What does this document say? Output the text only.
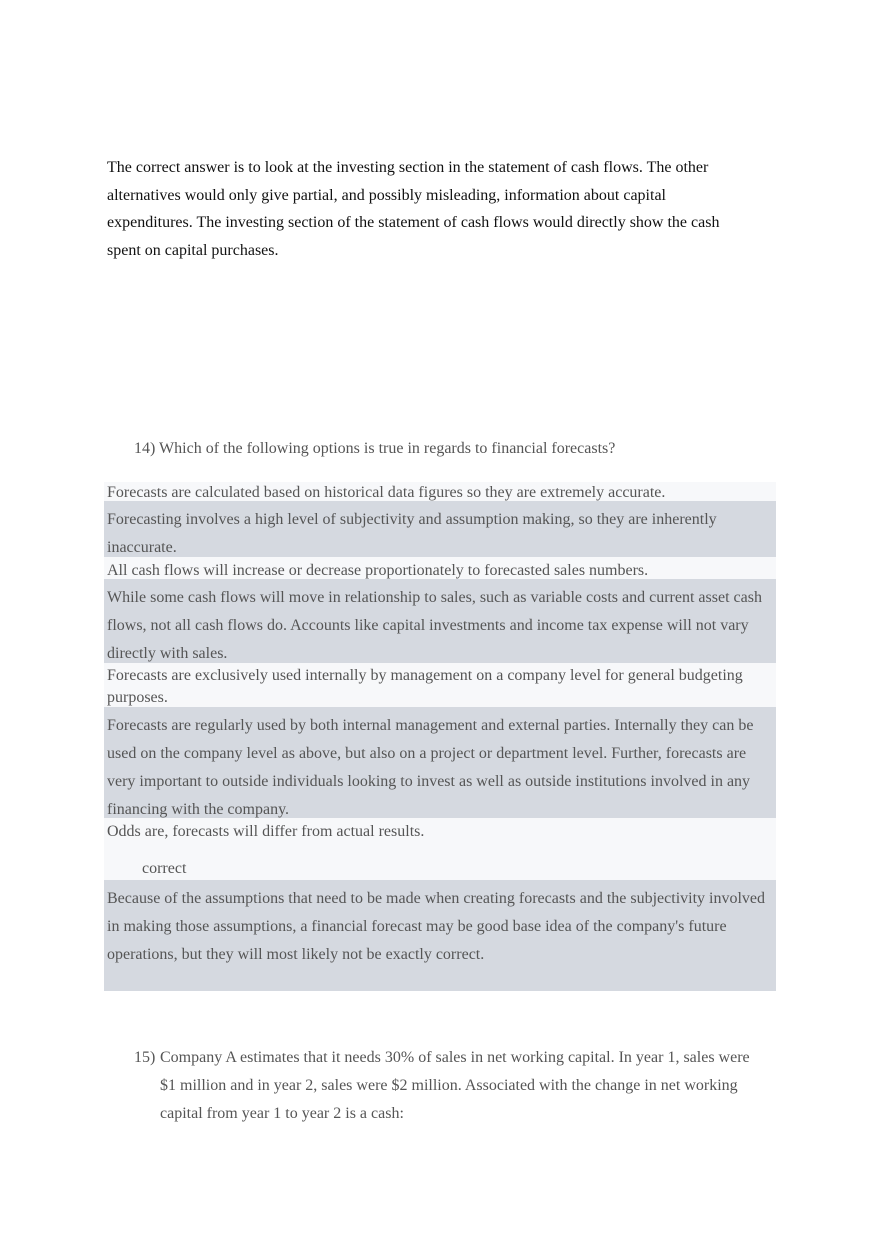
The correct answer is to look at the investing section in the statement of cash flows. The other alternatives would only give partial, and possibly misleading, information about capital expenditures. The investing section of the statement of cash flows would directly show the cash spent on capital purchases.
14) Which of the following options is true in regards to financial forecasts?
Forecasts are calculated based on historical data figures so they are extremely accurate.
Forecasting involves a high level of subjectivity and assumption making, so they are inherently inaccurate.
All cash flows will increase or decrease proportionately to forecasted sales numbers.
While some cash flows will move in relationship to sales, such as variable costs and current asset cash flows, not all cash flows do. Accounts like capital investments and income tax expense will not vary directly with sales.
Forecasts are exclusively used internally by management on a company level for general budgeting purposes.
Forecasts are regularly used by both internal management and external parties. Internally they can be used on the company level as above, but also on a project or department level. Further, forecasts are very important to outside individuals looking to invest as well as outside institutions involved in any financing with the company.
Odds are, forecasts will differ from actual results.
correct
Because of the assumptions that need to be made when creating forecasts and the subjectivity involved in making those assumptions, a financial forecast may be good base idea of the company's future operations, but they will most likely not be exactly correct.
15) Company A estimates that it needs 30% of sales in net working capital. In year 1, sales were $1 million and in year 2, sales were $2 million. Associated with the change in net working capital from year 1 to year 2 is a cash:
